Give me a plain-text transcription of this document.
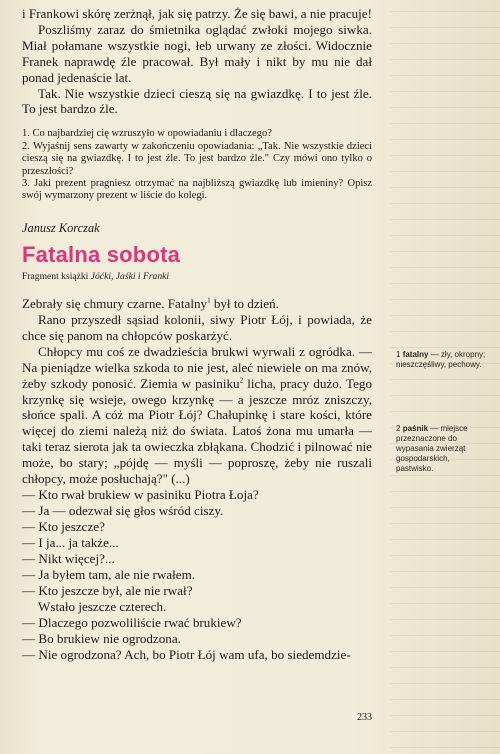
i Frankowi skórę zerżnął, jak się patrzy. Że się bawi, a nie pracuje!

Poszliśmy zaraz do śmietnika oglądać zwłoki mojego siwka. Miał połamane wszystkie nogi, łeb urwany ze złości. Widocznie Franek naprawdę źle pracował. Był mały i nikt by mu nie dał ponad jedenaście lat.

Tak. Nie wszystkie dzieci cieszą się na gwiazdkę. I to jest źle. To jest bardzo źle.

1. Co najbardziej cię wzruszyło w opowiadaniu i dlaczego?

2. Wyjaśnij sens zawarty w zakończeniu opowiadania: „Tak. Nie wszystkie dzieci cieszą się na gwiazdkę. I to jest źle. To jest bardzo źle." Czy mówi ono tylko o przeszłości?

3. Jaki prezent pragniesz otrzymać na najbliższą gwiazdkę lub imieniny? Opisz swój wymarzony prezent w liście do kolegi.

Janusz Korczak
Fatalna sobota
Fragment książki Jóćki, Jaśki i Franki

Zebrały się chmury czarne. Fatalny$^1$ był to dzień.

Rano przyszedł sąsiad kolonii, siwy Piotr Łój, i powiada, że chce się panom na chłopców poskarżyć.

Chłopcy mu coś ze dwadzieścia brukwi wyrwali z ogródka. — Na pieniądze wielka szkoda to nie jest, aleć niewiele on ma znów, żeby szkody ponosić. Ziemia w pasiniku$^2$ licha, pracy dużo. Tego krzynkę się wsieje, owego krzynkę — a jeszcze mróz zniszczy, słońce spali. A cóż ma Piotr Łój? Chałupinkę i stare kości, które więcej do ziemi należą niż do świata. Latoś żona mu umarła — taki teraz sierota jak ta owieczka zbłąkana. Chodzić i pilnować nie może, bo stary; „pójdę — myśli — poproszę, żeby nie ruszali chłopcy, może posłuchają?" (...)

— Kto rwał brukiew w pasiniku Piotra Łoja?

— Ja — odezwał się głos wśród ciszy.

— Kto jeszcze?

— I ja... ja także...

— Nikt więcej?...

— Ja byłem tam, ale nie rwałem.

— Kto jeszcze był, ale nie rwał?

Wstało jeszcze czterech.

— Dlaczego pozwoliliście rwać brukiew?

— Bo brukiew nie ogrodzona.

— Nie ogrodzona? Ach, bo Piotr Łój wam ufa, bo siedemdzie-

1 fatalny — zły, okropny; nieszczęśliwy, pechowy.
2 paśnik — miejsce przeznaczone do wypasania zwierząt gospodarskich, pastwisko.
233
